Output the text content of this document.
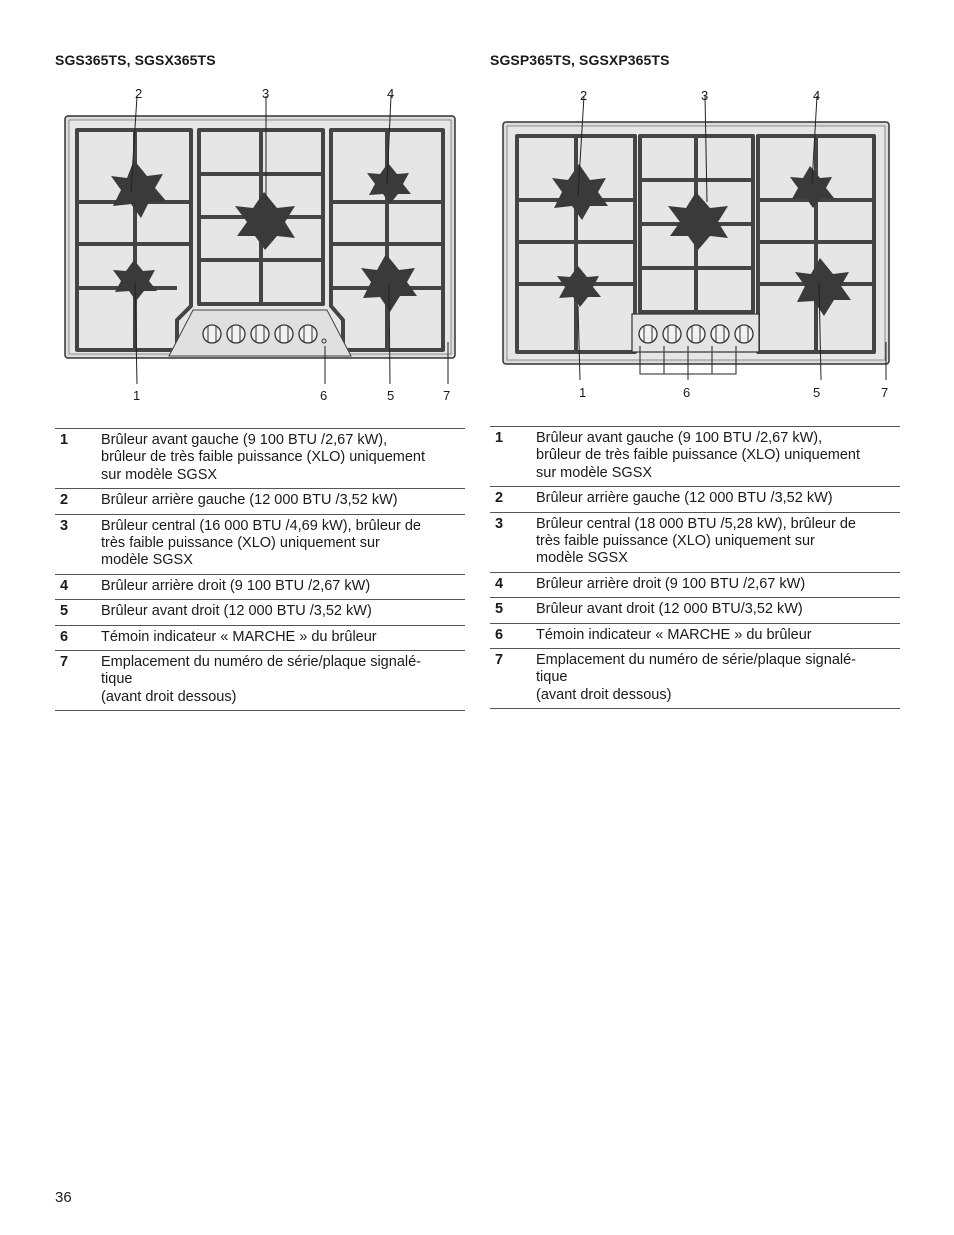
SGS365TS, SGSX365TS
2	3	4
1	6	5	7
1	Brûleur avant gauche (9 100 BTU /2,67 kW),
brûleur de très faible puissance (XLO) uniquement
sur modèle SGSX
2	Brûleur arrière gauche (12 000 BTU /3,52 kW)
3	Brûleur central (16 000 BTU /4,69 kW), brûleur de
très faible puissance (XLO) uniquement sur
modèle SGSX
4	Brûleur arrière droit (9 100 BTU /2,67 kW)
5	Brûleur avant droit (12 000 BTU /3,52 kW)
6	Témoin indicateur « MARCHE » du brûleur
7	Emplacement du numéro de série/plaque signalé-
tique
(avant droit dessous)
SGSP365TS, SGSXP365TS
2	3	4
1	6	5	7
1	Brûleur avant gauche (9 100 BTU /2,67 kW),
brûleur de très faible puissance (XLO) uniquement
sur modèle SGSX
2	Brûleur arrière gauche (12 000 BTU /3,52 kW)
3	Brûleur central (18 000 BTU /5,28 kW), brûleur de
très faible puissance (XLO) uniquement sur
modèle SGSX
4	Brûleur arrière droit (9 100 BTU /2,67 kW)
5	Brûleur avant droit (12 000 BTU/3,52 kW)
6	Témoin indicateur « MARCHE » du brûleur
7	Emplacement du numéro de série/plaque signalé-
tique
(avant droit dessous)
36
